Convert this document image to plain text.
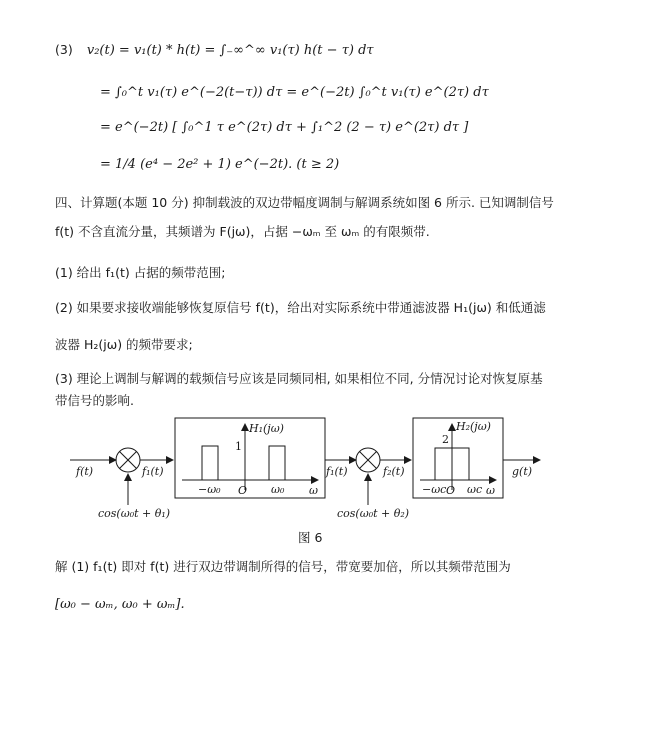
(3) v₂(t) = v₁(t) * h(t) = ∫₋∞^∞ v₁(τ) h(t − τ) dτ
= ∫₀^t v₁(τ) e^(−2(t−τ)) dτ = e^(−2t) ∫₀^t v₁(τ) e^(2τ) dτ
= e^(−2t) [ ∫₀^1 τ e^(2τ) dτ + ∫₁^2 (2 − τ) e^(2τ) dτ ]
= 1/4 (e⁴ − 2e² + 1) e^(−2t). (t ≥ 2)
四、计算题(本题 10 分) 抑制载波的双边带幅度调制与解调系统如图 6 所示. 已知调制信号
f(t) 不含直流分量，其频谱为 F(jω)，占据 −ωₘ 至 ωₘ 的有限频带.
(1) 给出 f₁(t) 占据的频带范围;
(2) 如果要求接收端能够恢复原信号 f(t)，给出对实际系统中带通滤波器 H₁(jω) 和低通滤
波器 H₂(jω) 的频带要求;
(3) 理论上调制与解调的载频信号应该是同频同相, 如果相位不同, 分情况讨论对恢复原基
带信号的影响.
f(t)	f₁(t)
cos(ω₀t + θ₁)
H₁(jω)
1
−ω₀ O ω₀ ω
f₁(t)	f₂(t)
cos(ω₀t + θ₂)
H₂(jω)
2
−ωc O ωc ω
g(t)
图 6
解 (1) f₁(t) 即对 f(t) 进行双边带调制所得的信号，带宽要加倍，所以其频带范围为
[ω₀ − ωₘ, ω₀ + ωₘ].
